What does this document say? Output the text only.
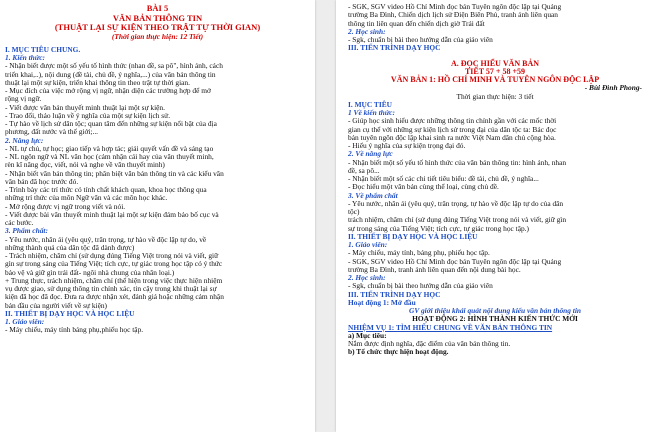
BÀI 5

VĂN BẢN THÔNG TIN

(THUẬT LẠI SỰ KIỆN THEO TRẬT TỰ THỜI GIAN)

(Thời gian thực hiện: 12 Tiết)

I. MỤC TIÊU CHUNG.

1. Kiến thức:

- Nhận biết được một số yếu tố hình thức (nhan đề, sa pô", hình ảnh, cách

triển khai,..), nội dung (đề tài, chủ đề, ý nghĩa,...) của văn bản thông tin

thuật lại một sự kiện, triển khai thông tin theo trật tự thời gian.

- Mục đích của việc mở rộng vị ngữ, nhận diện các trường hợp để mở

rộng vị ngữ.

- Viết được văn bản thuyết minh thuật lại một sự kiện.

- Trao đổi, thảo luận về ý nghĩa của một sự kiện lịch sử.

- Tự hào về lịch sử dân tộc; quan tâm đến những sự kiện nổi bật của địa

phương, đất nước và thế giới;...

2. Năng lực:

- NL tự chủ, tự học; giao tiếp và hợp tác; giải quyết vấn đề và sáng tạo

- NL ngôn ngữ và NL văn học (cảm nhận cái hay của văn thuyết minh,

rèn kĩ năng đọc, viết, nói và nghe về văn thuyết minh)

- Nhận biết văn bản thông tin; phân biệt văn bản thông tin và các kiểu văn

văn bản đã học trước đó.

- Trình bày các trí thức có tính chất khách quan, khoa học thông qua

những trí thức của môn Ngữ văn và các môn học khác.

- Mở rộng được vị ngữ trong viết và nói.

- Viết được bài văn thuyết minh thuật lại một sự kiện đảm bảo bố cục và

các bước.

3. Phẩm chất:

- Yêu nước, nhân ái (yêu quý, trân trọng, tự hào về độc lập tự do, về

những thành quả của dân tộc đã dành được)

- Trách nhiệm, chăm chỉ (sử dụng đúng Tiếng Việt trong nói và viết, giữ

gìn sự trong sáng của Tiếng Việt; tích cực, tự giác trong học tập có ý thức

bảo vệ và giữ gìn trái đất- ngôi nhà chung của nhân loại.)

+ Trung thực, trách nhiệm, chăm chỉ (thể hiện trong việc thực hiện nhiệm

vụ được giao, sử dụng thông tin chính xác, tin cậy trong khi thuật lại sự

kiện đã học đã đọc. Đưa ra được nhận xét, đánh giá hoặc những cảm nhận

bản đầu của người viết về sự kiện)

II. THIẾT BỊ DẠY HỌC VÀ HỌC LIỆU

1. Giáo viên:

- Máy chiếu, máy tính bảng phụ,phiếu học tập.

- SGK, SGV video Hồ Chí Minh đọc bản Tuyên ngôn độc lập tại Quảng

trường Ba Đình, Chiến dịch lịch sử Điện Biên Phủ, tranh ảnh liên quan

thông tin liên quan đến chiến dịch giờ Trái đất

2. Học sinh:

- Sgk, chuẩn bị bài theo hướng dẫn của giáo viên

III. TIẾN TRÌNH DẠY HỌC

A. ĐỌC HIỂU VĂN BẢN

TIẾT 57 + 58 +59

VĂN BẢN 1: HỒ CHÍ MINH VÀ TUYÊN NGÔN ĐỘC LẬP

- Bùi Đình Phong-

Thời gian thực hiện: 3 tiết

I. MỤC TIÊU

1 Về kiến thức:

- Giúp học sinh hiểu được những thông tin chính gần với các mốc thời

gian cụ thể với những sự kiện lịch sử trong đại của dân tộc ta: Bác đọc

bản tuyên ngôn độc lập khai sinh ra nước Việt Nam dân chủ cộng hòa.

- Hiểu ý nghĩa của sự kiện trọng đại đó.

2. Về năng lực

- Nhận biết một số yếu tố hình thức của văn bản thông tin: hình ảnh, nhan

đề, sa pô...

- Nhận biết một số các chi tiết tiêu biểu: đề tài, chủ đề, ý nghĩa...

- Đọc hiểu một văn bản cùng thể loại, cùng chủ đề.

3. Về phẩm chất

- Yêu nước, nhân ái (yêu quý, trân trọng, tự hào về độc lập tự do của dân

tộc)

trách nhiệm, chăm chỉ (sử dụng đúng Tiếng Việt trong nói và viết, giữ gìn

sự trong sáng của Tiếng Việt; tích cực, tự giác trong học tập.)

II. THIẾT BỊ DẠY HỌC VÀ HỌC LIỆU

1. Giáo viên:

- Máy chiếu, máy tính, bảng phụ, phiếu học tập.

- SGK, SGV video Hồ Chí Minh đọc bản Tuyên ngôn độc lập tại Quảng

trường Ba Đình, tranh ảnh liên quan đến nội dung bài học.

2. Học sinh:

- Sgk, chuẩn bị bài theo hướng dẫn của giáo viên

III. TIẾN TRÌNH DẠY HỌC

Hoạt động 1: Mở đầu

GV giới thiệu khái quát nội dung kiểu văn bản thông tin

HOẠT ĐỘNG 2: HÌNH THÀNH KIẾN THỨC MỚI

NHIỆM VỤ 1: TÌM HIỂU CHUNG VỀ VĂN BẢN THÔNG TIN

a) Mục tiêu:

Nắm được định nghĩa, đặc điểm của văn bản thông tin.

b) Tổ chức thực hiện hoạt động.
